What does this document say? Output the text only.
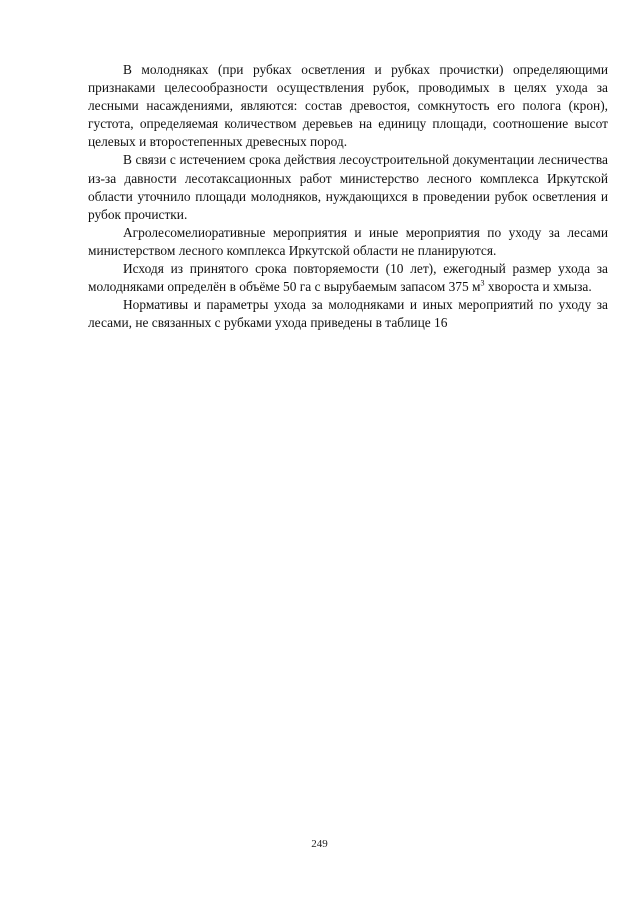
В молодняках (при рубках осветления и рубках прочистки) определяющими признаками целесообразности осуществления рубок, проводимых в целях ухода за лесными насаждениями, являются: состав древостоя, сомкнутость его полога (крон), густота, определяемая количеством деревьев на единицу площади, соотношение высот целевых и второстепенных древесных пород.

В связи с истечением срока действия лесоустроительной документации лесничества из-за давности лесотаксационных работ министерство лесного комплекса Иркутской области уточнило площади молодняков, нуждающихся в проведении рубок осветления и рубок прочистки.

Агролесомелиоративные мероприятия и иные мероприятия по уходу за лесами министерством лесного комплекса Иркутской области не планируются.

Исходя из принятого срока повторяемости (10 лет), ежегодный размер ухода за молодняками определён в объёме 50 га с вырубаемым запасом 375 $м^3$ хвороста и хмыза.

Нормативы и параметры ухода за молодняками и иных мероприятий по уходу за лесами, не связанных с рубками ухода приведены в таблице 16

249
